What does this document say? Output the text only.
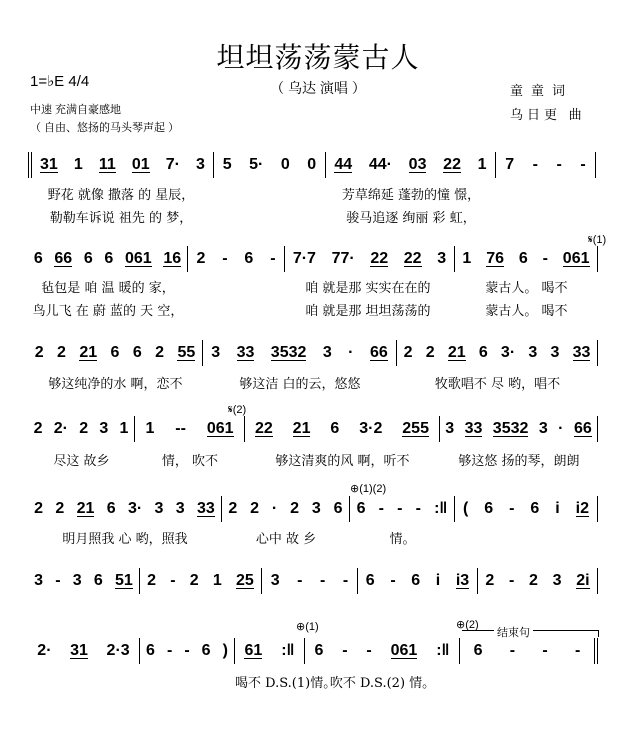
坦坦荡荡蒙古人
（ 乌达 演唱 ）
1=♭E 4/4
中速 充满自豪感地
（ 自由、悠扬的马头琴声起 ）
童童词
乌日更 曲
𝄋(1)
𝄋(2)
⊕(1)(2)
⊕(1)	⊕(2)
结束句
31 1 11 01 7· 3 5 5· 0 0 44 44· 03 22 1 7 - - -
野花 就像 撒落 的 星辰，	芳草绵延 蓬勃的憧 憬，
勒勒车诉说 祖先 的 梦，	骏马追逐 绚丽 彩 虹，
6 66 6 6 061 16 2 - 6 - 7·7 77· 22 22 3 1 76 6 - 061
毡包是 咱 温 暖的 家，	咱 就是那 实实在在的	蒙古人。 喝不
鸟儿飞 在 蔚 蓝的 天 空，	咱 就是那 坦坦荡荡的	蒙古人。 喝不
2 2 21 6 6 2 55 3 33 3532 3 · 66 2 2 21 6 3· 3 3 33
够这纯净的水 啊，恋不	够这洁 白的云，悠悠	牧歌唱不 尽 哟，唱不
2 2· 2 3 1 1 -- 061 22 21 6 3·2 255 3 33 3532 3 · 66
尽这 故乡	情， 吹不	够这清爽的风 啊，听不	够这悠 扬的琴，朗朗
2 2 21 6 3· 3 3 33 2 2 · 2 3 6 6 - - - :‖ ( 6 - 6 i i2
明月照我 心 哟，照我	心中 故 乡	情。
3 - 3 6 51 2 - 2 1 25 3 - - - 6 - 6 i i3 2 - 2 3 2i
2· 31 2·3 6 - - 6 ) 61 :‖ 6 - - 061 :‖ 6 - - -
喝不 D.S.(1)情。
吹不 D.S.(2) 情。
